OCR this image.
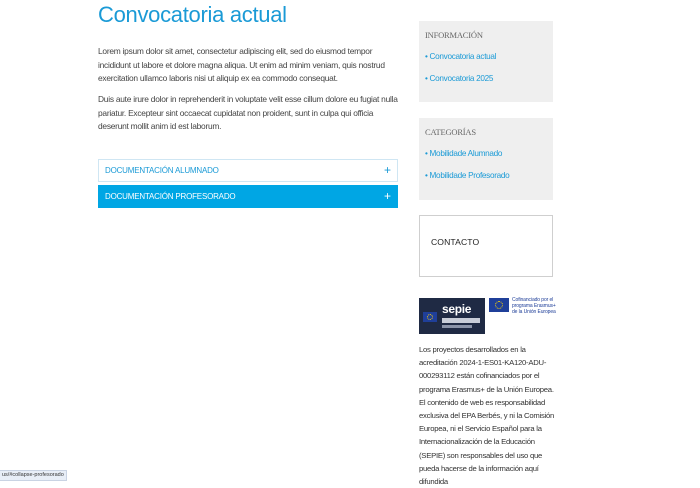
Convocatoria actual

Lorem ipsum dolor sit amet, consectetur adipiscing elit, sed do eiusmod tempor incididunt ut labore et dolore magna aliqua. Ut enim ad minim veniam, quis nostrud exercitation ullamco laboris nisi ut aliquip ex ea commodo consequat.

Duis aute irure dolor in reprehenderit in voluptate velit esse cillum dolore eu fugiat nulla pariatur. Excepteur sint occaecat cupidatat non proident, sunt in culpa qui officia deserunt mollit anim id est laborum.

DOCUMENTACIÓN ALUMNADO	+
DOCUMENTACIÓN PROFESORADO	+
INFORMACIÓN
• Convocatoria actual
• Convocatoria 2025
CATEGORÍAS
• Mobilidade Alumnado
• Mobilidade Profesorado
CONTACTO
sepie
Cofinanciado por el programa Erasmus+ de la Unión Europea

Los proyectos desarrollados en la acreditación 2024-1-ES01-KA120-ADU-000293112 están cofinanciados por el programa Erasmus+ de la Unión Europea. El contenido de web es responsabilidad exclusiva del EPA Berbés, y ni la Comisión Europea, ni el Servicio Español para la Internacionalización de la Educación (SEPIE) son responsables del uso que pueda hacerse de la información aquí difundida

us/#collapse-profesorado
